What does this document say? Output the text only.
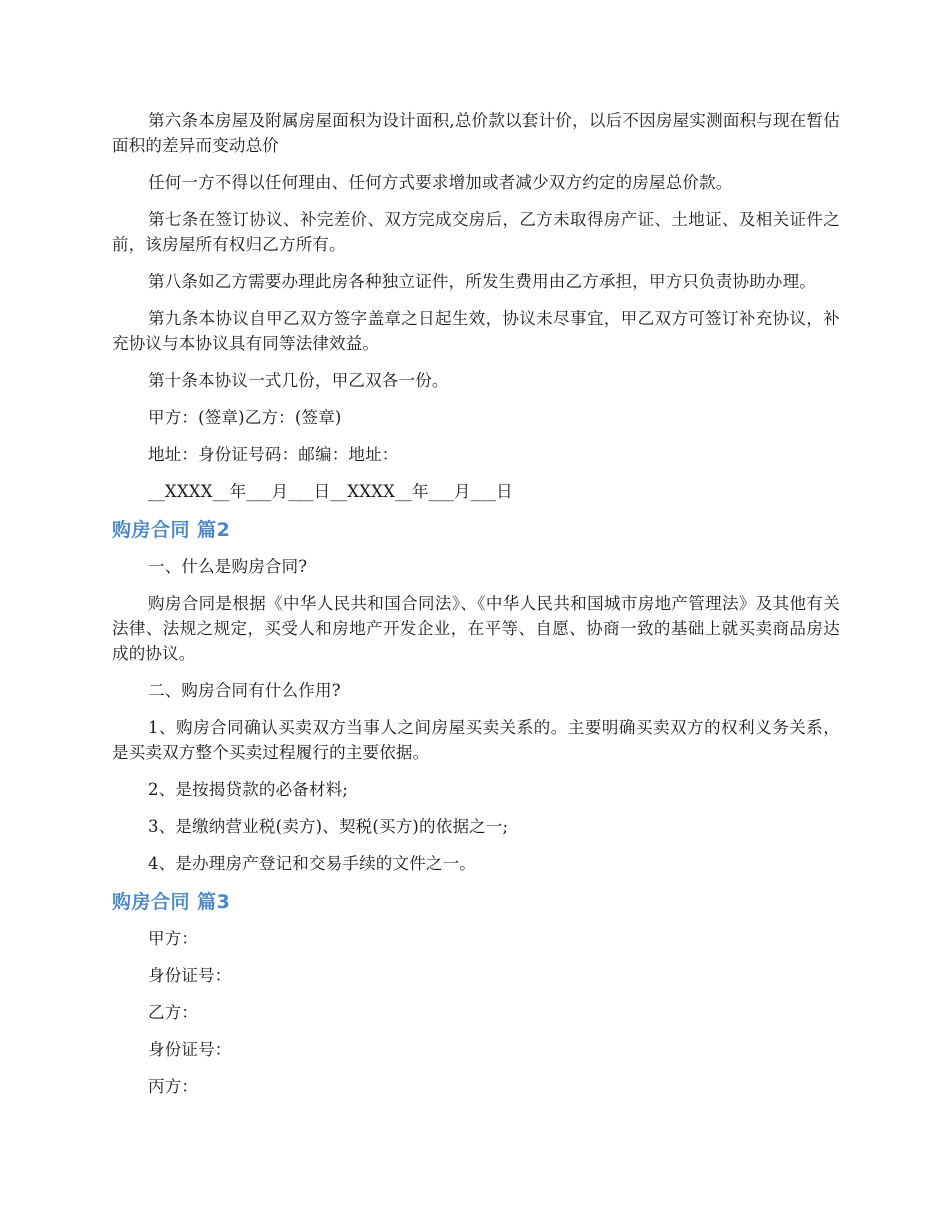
第六条本房屋及附属房屋面积为设计面积,总价款以套计价，以后不因房屋实测面积与现在暂估面积的差异而变动总价

任何一方不得以任何理由、任何方式要求增加或者减少双方约定的房屋总价款。

第七条在签订协议、补完差价、双方完成交房后，乙方未取得房产证、土地证、及相关证件之前，该房屋所有权归乙方所有。

第八条如乙方需要办理此房各种独立证件，所发生费用由乙方承担，甲方只负责协助办理。

第九条本协议自甲乙双方签字盖章之日起生效，协议未尽事宜，甲乙双方可签订补充协议，补充协议与本协议具有同等法律效益。

第十条本协议一式几份，甲乙双各一份。

甲方：(签章)乙方：(签章)

地址：身份证号码：邮编：地址：

__XXXX__年___月___日__XXXX__年___月___日

购房合同 篇2

一、什么是购房合同?

购房合同是根据《中华人民共和国合同法》、《中华人民共和国城市房地产管理法》及其他有关法律、法规之规定，买受人和房地产开发企业，在平等、自愿、协商一致的基础上就买卖商品房达成的协议。

二、购房合同有什么作用?

1、购房合同确认买卖双方当事人之间房屋买卖关系的。主要明确买卖双方的权利义务关系，是买卖双方整个买卖过程履行的主要依据。

2、是按揭贷款的必备材料;

3、是缴纳营业税(卖方)、契税(买方)的依据之一;

4、是办理房产登记和交易手续的文件之一。

购房合同 篇3

甲方：

身份证号：

乙方：

身份证号：

丙方：
